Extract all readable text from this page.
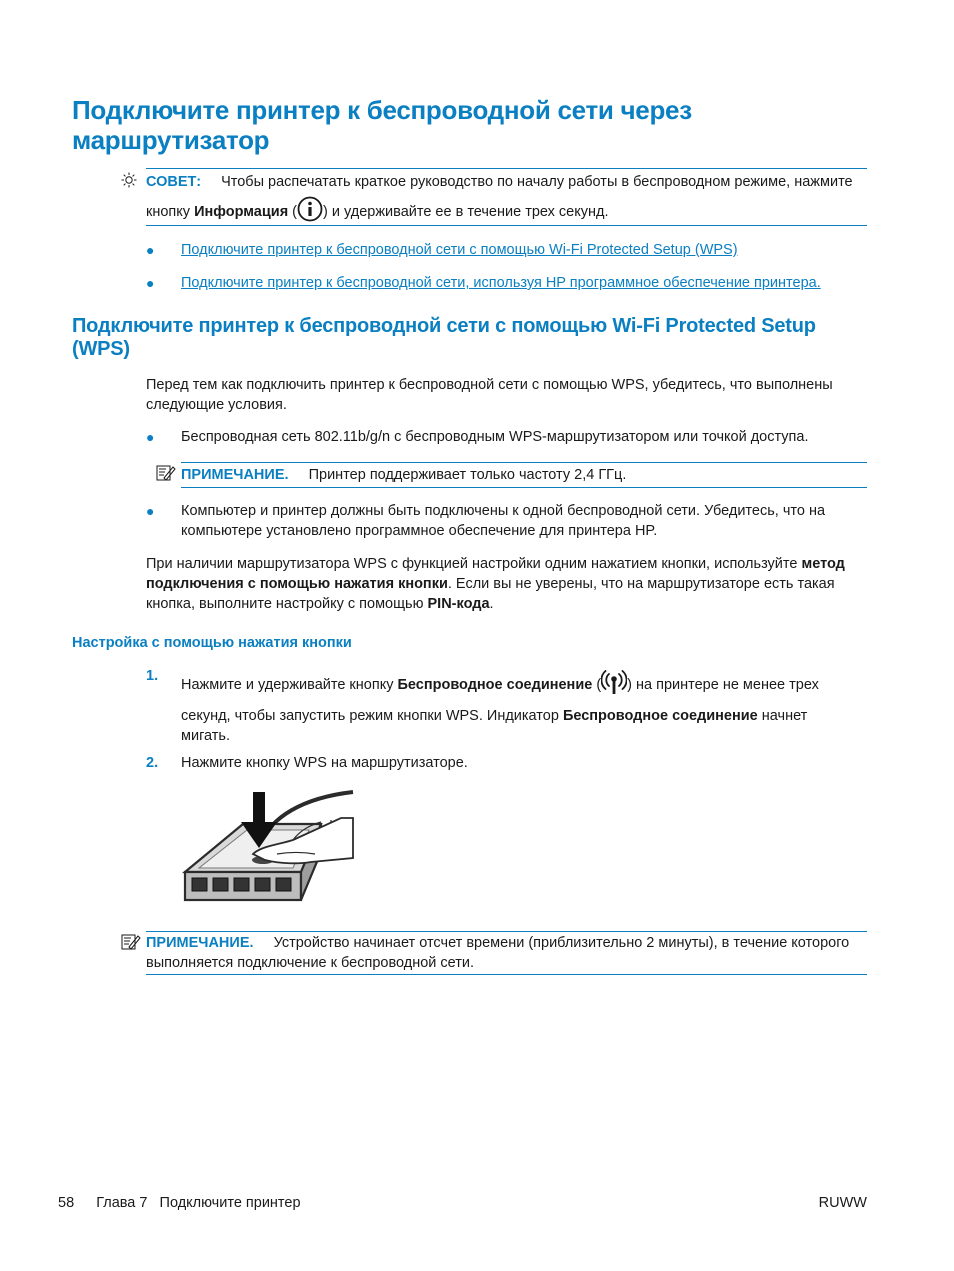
Подключите принтер к беспроводной сети через
маршрутизатор
СОВЕТ: Чтобы распечатать краткое руководство по началу работы в беспроводном режиме, нажмите
кнопку Информация ( ) и удерживайте ее в течение трех секунд.
● Подключите принтер к беспроводной сети с помощью Wi-Fi Protected Setup (WPS)
● Подключите принтер к беспроводной сети, используя HP программное обеспечение принтера.
Подключите принтер к беспроводной сети с помощью Wi-Fi Protected Setup
(WPS)
Перед тем как подключить принтер к беспроводной сети с помощью WPS, убедитесь, что выполнены
следующие условия.
● Беспроводная сеть 802.11b/g/n с беспроводным WPS-маршрутизатором или точкой доступа.
ПРИМЕЧАНИЕ. Принтер поддерживает только частоту 2,4 ГГц.
● Компьютер и принтер должны быть подключены к одной беспроводной сети. Убедитесь, что на
компьютере установлено программное обеспечение для принтера HP.
При наличии маршрутизатора WPS с функцией настройки одним нажатием кнопки, используйте метод
подключения с помощью нажатия кнопки. Если вы не уверены, что на маршрутизаторе есть такая
кнопка, выполните настройку с помощью PIN-кода.
Настройка с помощью нажатия кнопки
1.
Нажмите и удерживайте кнопку Беспроводное соединение ( ) на принтере не менее трех
секунд, чтобы запустить режим кнопки WPS. Индикатор Беспроводное соединение начнет
мигать.
2. Нажмите кнопку WPS на маршрутизаторе.
ПРИМЕЧАНИЕ. Устройство начинает отсчет времени (приблизительно 2 минуты), в течение которого
выполняется подключение к беспроводной сети.
58 Глава 7 Подключите принтер	RUWW
